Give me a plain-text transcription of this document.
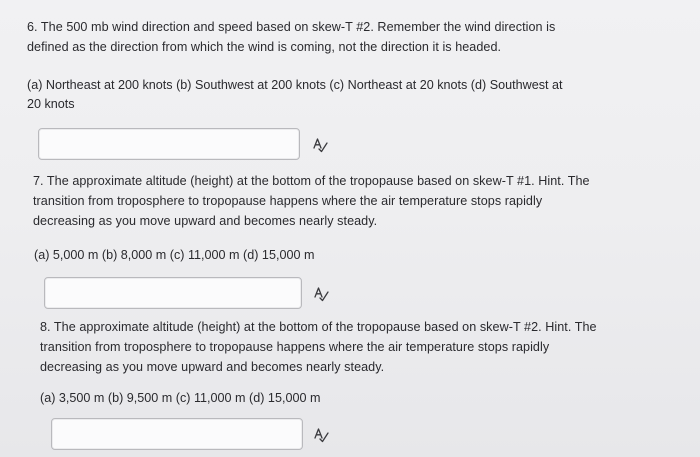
6. The 500 mb wind direction and speed based on skew-T #2. Remember the wind direction is
defined as the direction from which the wind is coming, not the direction it is headed.
(a) Northeast at 200 knots (b) Southwest at 200 knots (c) Northeast at 20 knots (d) Southwest at
20 knots
7. The approximate altitude (height) at the bottom of the tropopause based on skew-T #1. Hint. The
transition from troposphere to tropopause happens where the air temperature stops rapidly
decreasing as you move upward and becomes nearly steady.
(a) 5,000 m (b) 8,000 m (c) 11,000 m (d) 15,000 m
8. The approximate altitude (height) at the bottom of the tropopause based on skew-T #2. Hint. The
transition from troposphere to tropopause happens where the air temperature stops rapidly
decreasing as you move upward and becomes nearly steady.
(a) 3,500 m (b) 9,500 m (c) 11,000 m (d) 15,000 m
